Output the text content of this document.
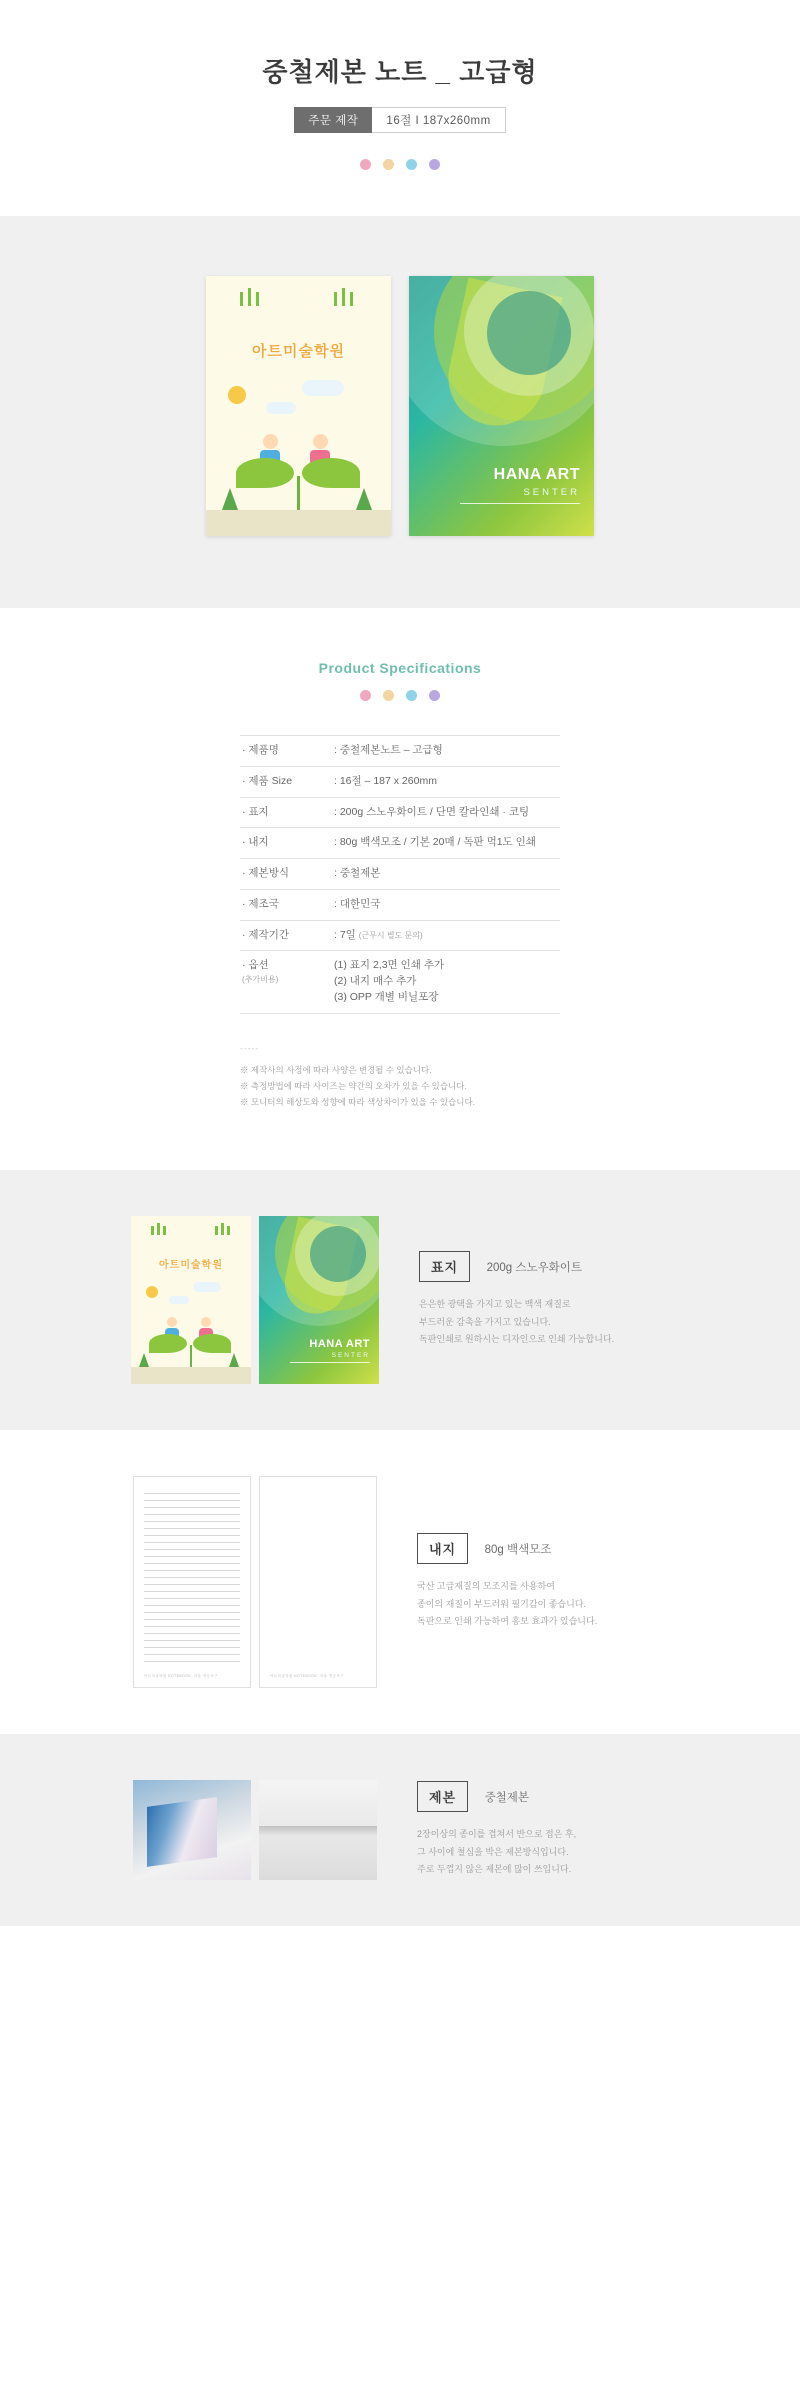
중철제본 노트 _ 고급형
주문 제작	16절 I 187x260mm
아트미술학원
HANA ART
SENTER
Product Specifications
· 제품명	: 중철제본노트 – 고급형
· 제품 Size	: 16절 – 187 x 260mm
· 표지	: 200g 스노우화이트 / 단면 칼라인쇄 · 코팅
· 내지	: 80g 백색모조 / 기본 20매 / 독판 먹1도 인쇄
· 제본방식	: 중철제본
· 제조국	: 대한민국
· 제작기간	: 7일 (근무시 별도 문의)
· 옵션
(추가비용)	(1) 표지 2,3면 인쇄 추가
(2) 내지 매수 추가
(3) OPP 개별 비닐포장
-----
※ 제작사의 사정에 따라 사양은 변경될 수 있습니다.
※ 측정방법에 따라 사이즈는 약간의 오차가 있을 수 있습니다.
※ 모니터의 해상도와 성향에 따라 색상차이가 있을 수 있습니다.
아트미술학원
HANA ART
SENTER
표지 200g 스노우화이트
은은한 광택을 가지고 있는 백색 재질로
부드러운 감촉을 가지고 있습니다.
독판인쇄로 원하시는 디자인으로 인쇄 가능합니다.
아트미술학원 NOTEBOOK. 서울 영등포구	아트미술학원 NOTEBOOK. 서울 영등포구
내지 80g 백색모조
국산 고급재질의 모조지를 사용하여
종이의 재질이 부드러워 필기감이 좋습니다.
독판으로 인쇄 가능하여 홍보 효과가 있습니다.
제본 중철제본
2장이상의 종이를 겹쳐서 반으로 접은 후,
그 사이에 철심을 박은 제본방식입니다.
주로 두껍지 않은 제본에 많이 쓰입니다.
